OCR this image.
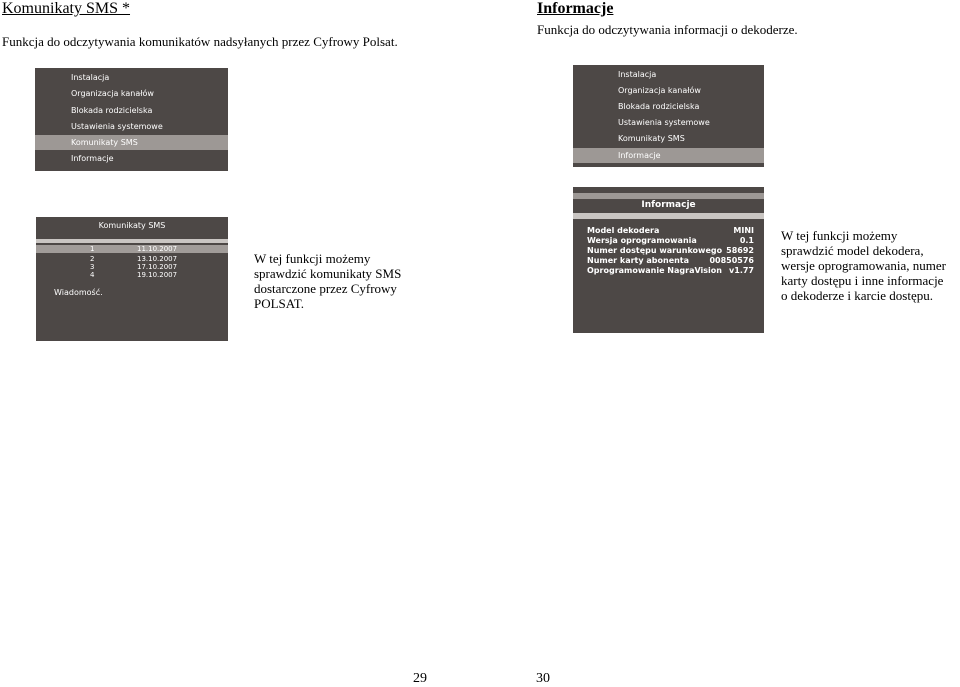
Komunikaty SMS *
Funkcja do odczytywania komunikatów nadsyłanych przez Cyfrowy Polsat.
Instalacja
Organizacja kanałów
Blokada rodzicielska
Ustawienia systemowe
Komunikaty SMS
Informacje
Komunikaty SMS
1	11.10.2007
2	13.10.2007
3	17.10.2007
4	19.10.2007
Wiadomość.
W tej funkcji możemy
sprawdzić komunikaty SMS
dostarczone przez Cyfrowy
POLSAT.
29
Informacje
Funkcja do odczytywania informacji o dekoderze.
Instalacja
Organizacja kanałów
Blokada rodzicielska
Ustawienia systemowe
Komunikaty SMS
Informacje
Informacje
Model dekodera	MINI
Wersja oprogramowania	0.1
Numer dostępu warunkowego 58692
Numer karty abonenta	00850576
Oprogramowanie NagraVision v1.77
W tej funkcji możemy
sprawdzić model dekodera,
wersje oprogramowania, numer
karty dostępu i inne informacje
o dekoderze i karcie dostępu.
30
